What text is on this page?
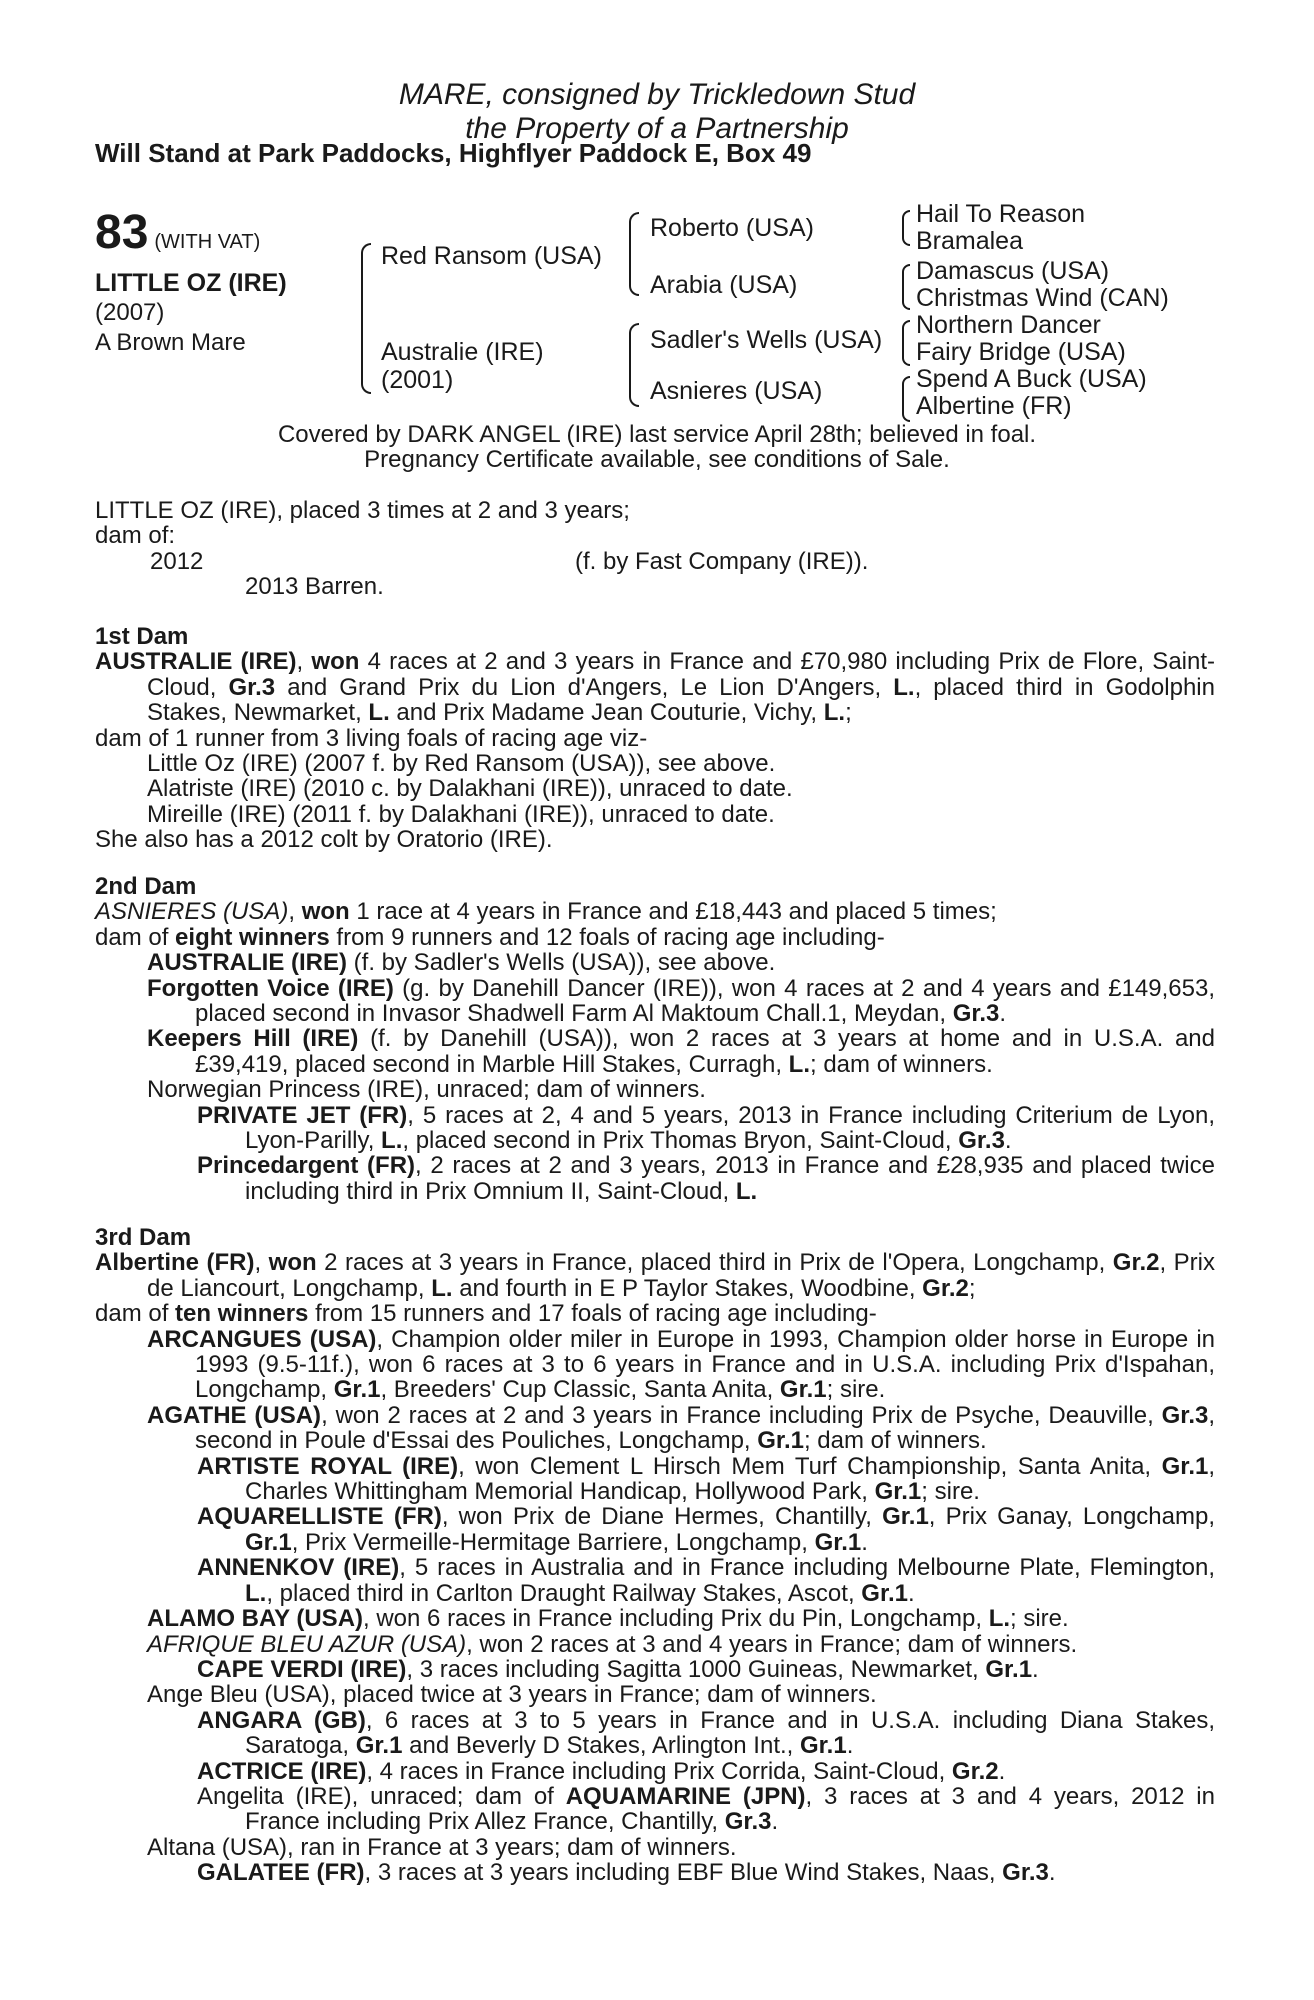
MARE, consigned by Trickledown Stud
the Property of a Partnership
Will Stand at Park Paddocks, Highflyer Paddock E, Box 49
83 (WITH VAT)
LITTLE OZ (IRE)
(2007)
A Brown Mare
Red Ransom (USA)
Australie (IRE)
(2001)
Roberto (USA)
Arabia (USA)
Sadler's Wells (USA)
Asnieres (USA)
Hail To Reason
Bramalea
Damascus (USA)
Christmas Wind (CAN)
Northern Dancer
Fairy Bridge (USA)
Spend A Buck (USA)
Albertine (FR)
Covered by DARK ANGEL (IRE) last service April 28th; believed in foal.
Pregnancy Certificate available, see conditions of Sale.

LITTLE OZ (IRE), placed 3 times at 2 and 3 years;

dam of:

2012	(f. by Fast Company (IRE)).

2013 Barren.

1st Dam

AUSTRALIE (IRE), won 4 races at 2 and 3 years in France and £70,980 including Prix de Flore, Saint-Cloud, Gr.3 and Grand Prix du Lion d'Angers, Le Lion D'Angers, L., placed third in Godolphin Stakes, Newmarket, L. and Prix Madame Jean Couturie, Vichy, L.;

dam of 1 runner from 3 living foals of racing age viz-

Little Oz (IRE) (2007 f. by Red Ransom (USA)), see above.

Alatriste (IRE) (2010 c. by Dalakhani (IRE)), unraced to date.

Mireille (IRE) (2011 f. by Dalakhani (IRE)), unraced to date.

She also has a 2012 colt by Oratorio (IRE).

2nd Dam

ASNIERES (USA), won 1 race at 4 years in France and £18,443 and placed 5 times;

dam of eight winners from 9 runners and 12 foals of racing age including-

AUSTRALIE (IRE) (f. by Sadler's Wells (USA)), see above.

Forgotten Voice (IRE) (g. by Danehill Dancer (IRE)), won 4 races at 2 and 4 years and £149,653, placed second in Invasor Shadwell Farm Al Maktoum Chall.1, Meydan, Gr.3.

Keepers Hill (IRE) (f. by Danehill (USA)), won 2 races at 3 years at home and in U.S.A. and £39,419, placed second in Marble Hill Stakes, Curragh, L.; dam of winners.

Norwegian Princess (IRE), unraced; dam of winners.

PRIVATE JET (FR), 5 races at 2, 4 and 5 years, 2013 in France including Criterium de Lyon, Lyon-Parilly, L., placed second in Prix Thomas Bryon, Saint-Cloud, Gr.3.

Princedargent (FR), 2 races at 2 and 3 years, 2013 in France and £28,935 and placed twice including third in Prix Omnium II, Saint-Cloud, L.

3rd Dam

Albertine (FR), won 2 races at 3 years in France, placed third in Prix de l'Opera, Longchamp, Gr.2, Prix de Liancourt, Longchamp, L. and fourth in E P Taylor Stakes, Woodbine, Gr.2;

dam of ten winners from 15 runners and 17 foals of racing age including-

ARCANGUES (USA), Champion older miler in Europe in 1993, Champion older horse in Europe in 1993 (9.5-11f.), won 6 races at 3 to 6 years in France and in U.S.A. including Prix d'Ispahan, Longchamp, Gr.1, Breeders' Cup Classic, Santa Anita, Gr.1; sire.

AGATHE (USA), won 2 races at 2 and 3 years in France including Prix de Psyche, Deauville, Gr.3, second in Poule d'Essai des Pouliches, Longchamp, Gr.1; dam of winners.

ARTISTE ROYAL (IRE), won Clement L Hirsch Mem Turf Championship, Santa Anita, Gr.1, Charles Whittingham Memorial Handicap, Hollywood Park, Gr.1; sire.

AQUARELLISTE (FR), won Prix de Diane Hermes, Chantilly, Gr.1, Prix Ganay, Longchamp, Gr.1, Prix Vermeille-Hermitage Barriere, Longchamp, Gr.1.

ANNENKOV (IRE), 5 races in Australia and in France including Melbourne Plate, Flemington, L., placed third in Carlton Draught Railway Stakes, Ascot, Gr.1.

ALAMO BAY (USA), won 6 races in France including Prix du Pin, Longchamp, L.; sire.

AFRIQUE BLEU AZUR (USA), won 2 races at 3 and 4 years in France; dam of winners.

CAPE VERDI (IRE), 3 races including Sagitta 1000 Guineas, Newmarket, Gr.1.

Ange Bleu (USA), placed twice at 3 years in France; dam of winners.

ANGARA (GB), 6 races at 3 to 5 years in France and in U.S.A. including Diana Stakes, Saratoga, Gr.1 and Beverly D Stakes, Arlington Int., Gr.1.

ACTRICE (IRE), 4 races in France including Prix Corrida, Saint-Cloud, Gr.2.

Angelita (IRE), unraced; dam of AQUAMARINE (JPN), 3 races at 3 and 4 years, 2012 in France including Prix Allez France, Chantilly, Gr.3.

Altana (USA), ran in France at 3 years; dam of winners.

GALATEE (FR), 3 races at 3 years including EBF Blue Wind Stakes, Naas, Gr.3.
